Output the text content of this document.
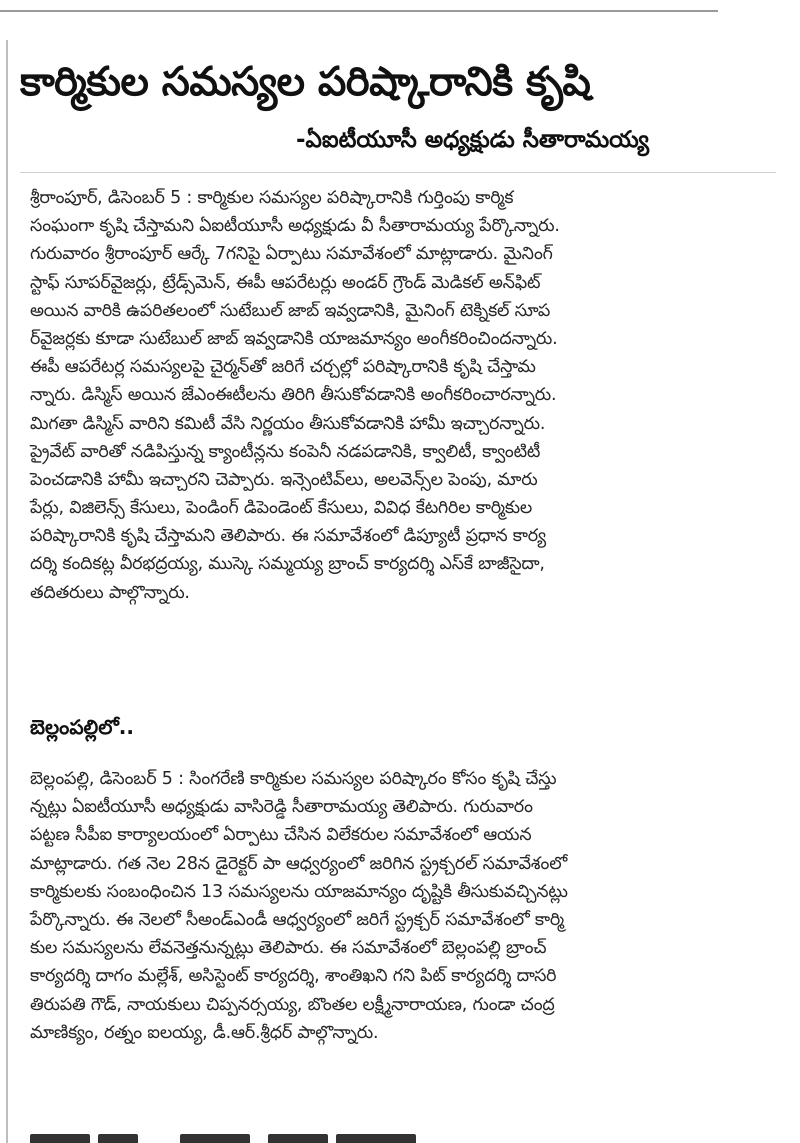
కార్మికుల సమస్యల పరిష్కారానికి కృషి
-ఏఐటీయూసీ అధ్యక్షుడు సీతారామయ్య
శ్రీరాంపూర్, డిసెంబర్ 5 : కార్మికుల సమస్యల పరిష్కారానికి గుర్తింపు కార్మిక
సంఘంగా కృషి చేస్తామని ఏఐటీయూసీ అధ్యక్షుడు వీ సీతారామయ్య పేర్కొన్నారు.
గురువారం శ్రీరాంపూర్ ఆర్కే 7గనిపై ఏర్పాటు సమావేశంలో మాట్లాడారు. మైనింగ్
స్టాఫ్ సూపర్‌వైజర్లు, ట్రేడ్స్‌మెన్, ఈపీ ఆపరేటర్లు అండర్ గ్రౌండ్ మెడికల్ అన్‌ఫిట్
అయిన వారికి ఉపరితలంలో సుటేబుల్ జాబ్ ఇవ్వడానికి, మైనింగ్ టెక్నికల్ సూప
ర్‌వైజర్లకు కూడా సుటేబుల్ జాబ్ ఇవ్వడానికి యాజమాన్యం అంగీకరించిందన్నారు.
ఈపీ ఆపరేటర్ల సమస్యలపై చైర్మన్‌తో జరిగే చర్చల్లో పరిష్కారానికి కృషి చేస్తామ
న్నారు. డిస్మిస్ అయిన జేఎంఈటీలను తిరిగి తీసుకోవడానికి అంగీకరించారన్నారు.
మిగతా డిస్మిస్ వారిని కమిటీ వేసి నిర్ణయం తీసుకోవడానికి హామీ ఇచ్చారన్నారు.
ప్రైవేట్ వారితో నడిపిస్తున్న క్యాంటీన్లను కంపెనీ నడపడానికి, క్వాలిటీ, క్వాంటిటీ
పెంచడానికి హామీ ఇచ్చారని చెప్పారు. ఇన్సెంటివ్‌లు, అలవెన్స్‌ల పెంపు, మారు
పేర్లు, విజిలెన్స్ కేసులు, పెండింగ్ డిపెండెంట్ కేసులు, వివిధ కేటగిరిల కార్మికుల
పరిష్కారానికి కృషి చేస్తామని తెలిపారు. ఈ సమావేశంలో డిప్యూటీ ప్రధాన కార్య
దర్శి కందికట్ల వీరభద్రయ్య, ముస్కె సమ్మయ్య బ్రాంచ్ కార్యదర్శి ఎస్‌కే బాజీసైదా,
తదితరులు పాల్గొన్నారు.
బెల్లంపల్లిలో..
బెల్లంపల్లి, డిసెంబర్ 5 : సింగరేణి కార్మికుల సమస్యల పరిష్కారం కోసం కృషి చేస్తు
న్నట్లు ఏఐటీయూసీ అధ్యక్షుడు వాసిరెడ్డి సీతారామయ్య తెలిపారు. గురువారం
పట్టణ సీపీఐ కార్యాలయంలో ఏర్పాటు చేసిన విలేకరుల సమావేశంలో ఆయన
మాట్లాడారు. గత నెల 28న డైరెక్టర్ పా ఆధ్వర్యంలో జరిగిన స్ట్రక్చరల్ సమావేశంలో
కార్మికులకు సంబంధించిన 13 సమస్యలను యాజమాన్యం దృష్టికి తీసుకువచ్చినట్లు
పేర్కొన్నారు. ఈ నెలలో సీఅండ్ఎండీ ఆధ్వర్యంలో జరిగే స్ట్రక్చర్ సమావేశంలో కార్మి
కుల సమస్యలను లేవనెత్తనున్నట్లు తెలిపారు. ఈ సమావేశంలో బెల్లంపల్లి బ్రాంచ్
కార్యదర్శి దాగం మల్లేశ్, అసిస్టెంట్ కార్యదర్శి, శాంతిఖని గని పిట్ కార్యదర్శి దాసరి
తిరుపతి గౌడ్, నాయకులు చిప్పనర్సయ్య, బొంతల లక్ష్మీనారాయణ, గుండా చంద్ర
మాణిక్యం, రత్నం ఐలయ్య, డీ.ఆర్.శ్రీధర్ పాల్గొన్నారు.
